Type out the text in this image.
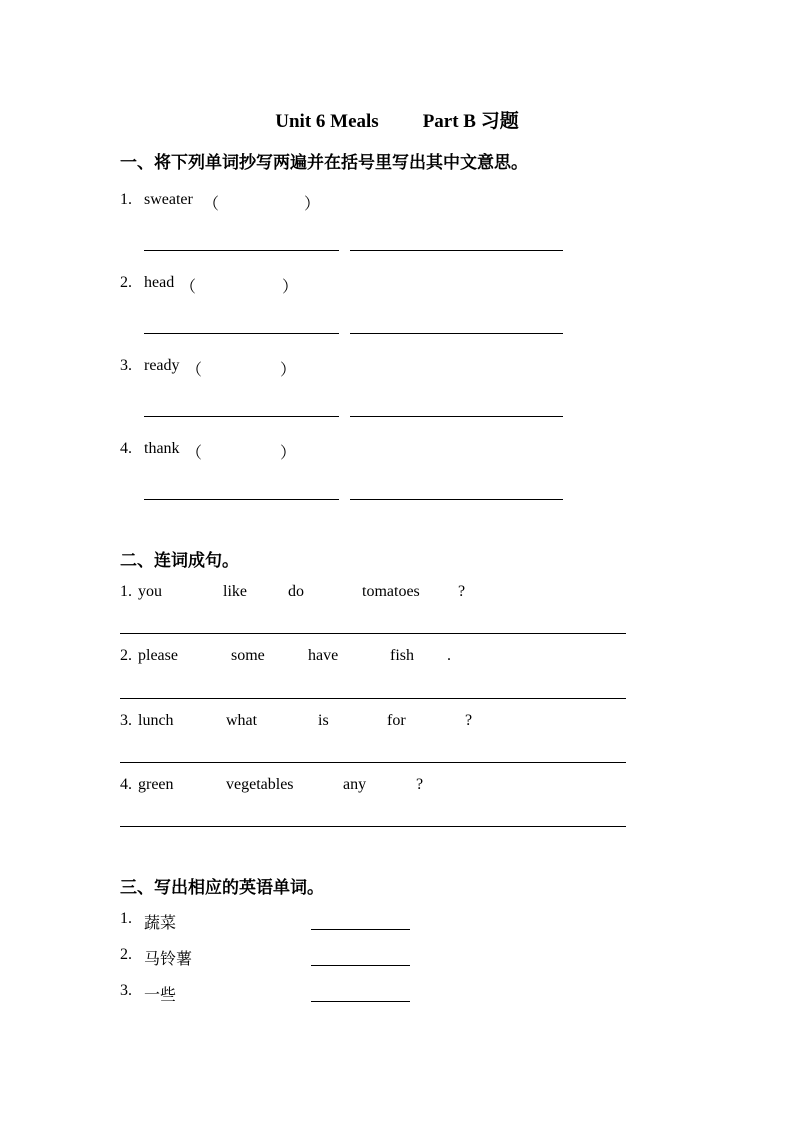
Unit 6 Meals Part B 习题
一、将下列单词抄写两遍并在括号里写出其中文意思。
1. sweater （	）
2. head （	）
3. ready （	）
4. thank （	）
二、连词成句。
1. you	like	do	tomatoes ?
2. please	some	have	fish .
3. lunch	what	is	for	?
4. green	vegetables	any	?
三、写出相应的英语单词。
1. 蔬菜
2. 马铃薯
3. 一些
